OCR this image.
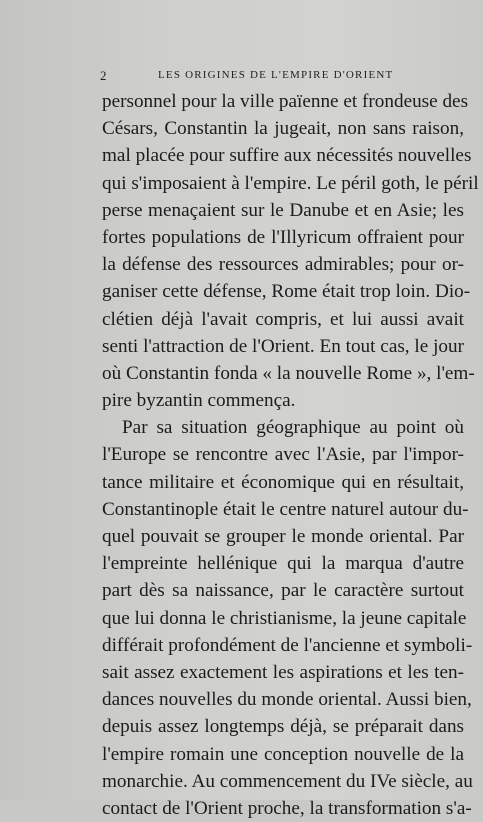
2	LES ORIGINES DE L'EMPIRE D'ORIENT
personnel pour la ville païenne et frondeuse des
Césars, Constantin la jugeait, non sans raison,
mal placée pour suffire aux nécessités nouvelles
qui s'imposaient à l'empire. Le péril goth, le péril
perse menaçaient sur le Danube et en Asie; les
fortes populations de l'Illyricum offraient pour
la défense des ressources admirables; pour or-
ganiser cette défense, Rome était trop loin. Dio-
clétien déjà l'avait compris, et lui aussi avait
senti l'attraction de l'Orient. En tout cas, le jour
où Constantin fonda « la nouvelle Rome », l'em-
pire byzantin commença.
Par sa situation géographique au point où
l'Europe se rencontre avec l'Asie, par l'impor-
tance militaire et économique qui en résultait,
Constantinople était le centre naturel autour du-
quel pouvait se grouper le monde oriental. Par
l'empreinte hellénique qui la marqua d'autre
part dès sa naissance, par le caractère surtout
que lui donna le christianisme, la jeune capitale
différait profondément de l'ancienne et symboli-
sait assez exactement les aspirations et les ten-
dances nouvelles du monde oriental. Aussi bien,
depuis assez longtemps déjà, se préparait dans
l'empire romain une conception nouvelle de la
monarchie. Au commencement du IVe siècle, au
contact de l'Orient proche, la transformation s'a-
